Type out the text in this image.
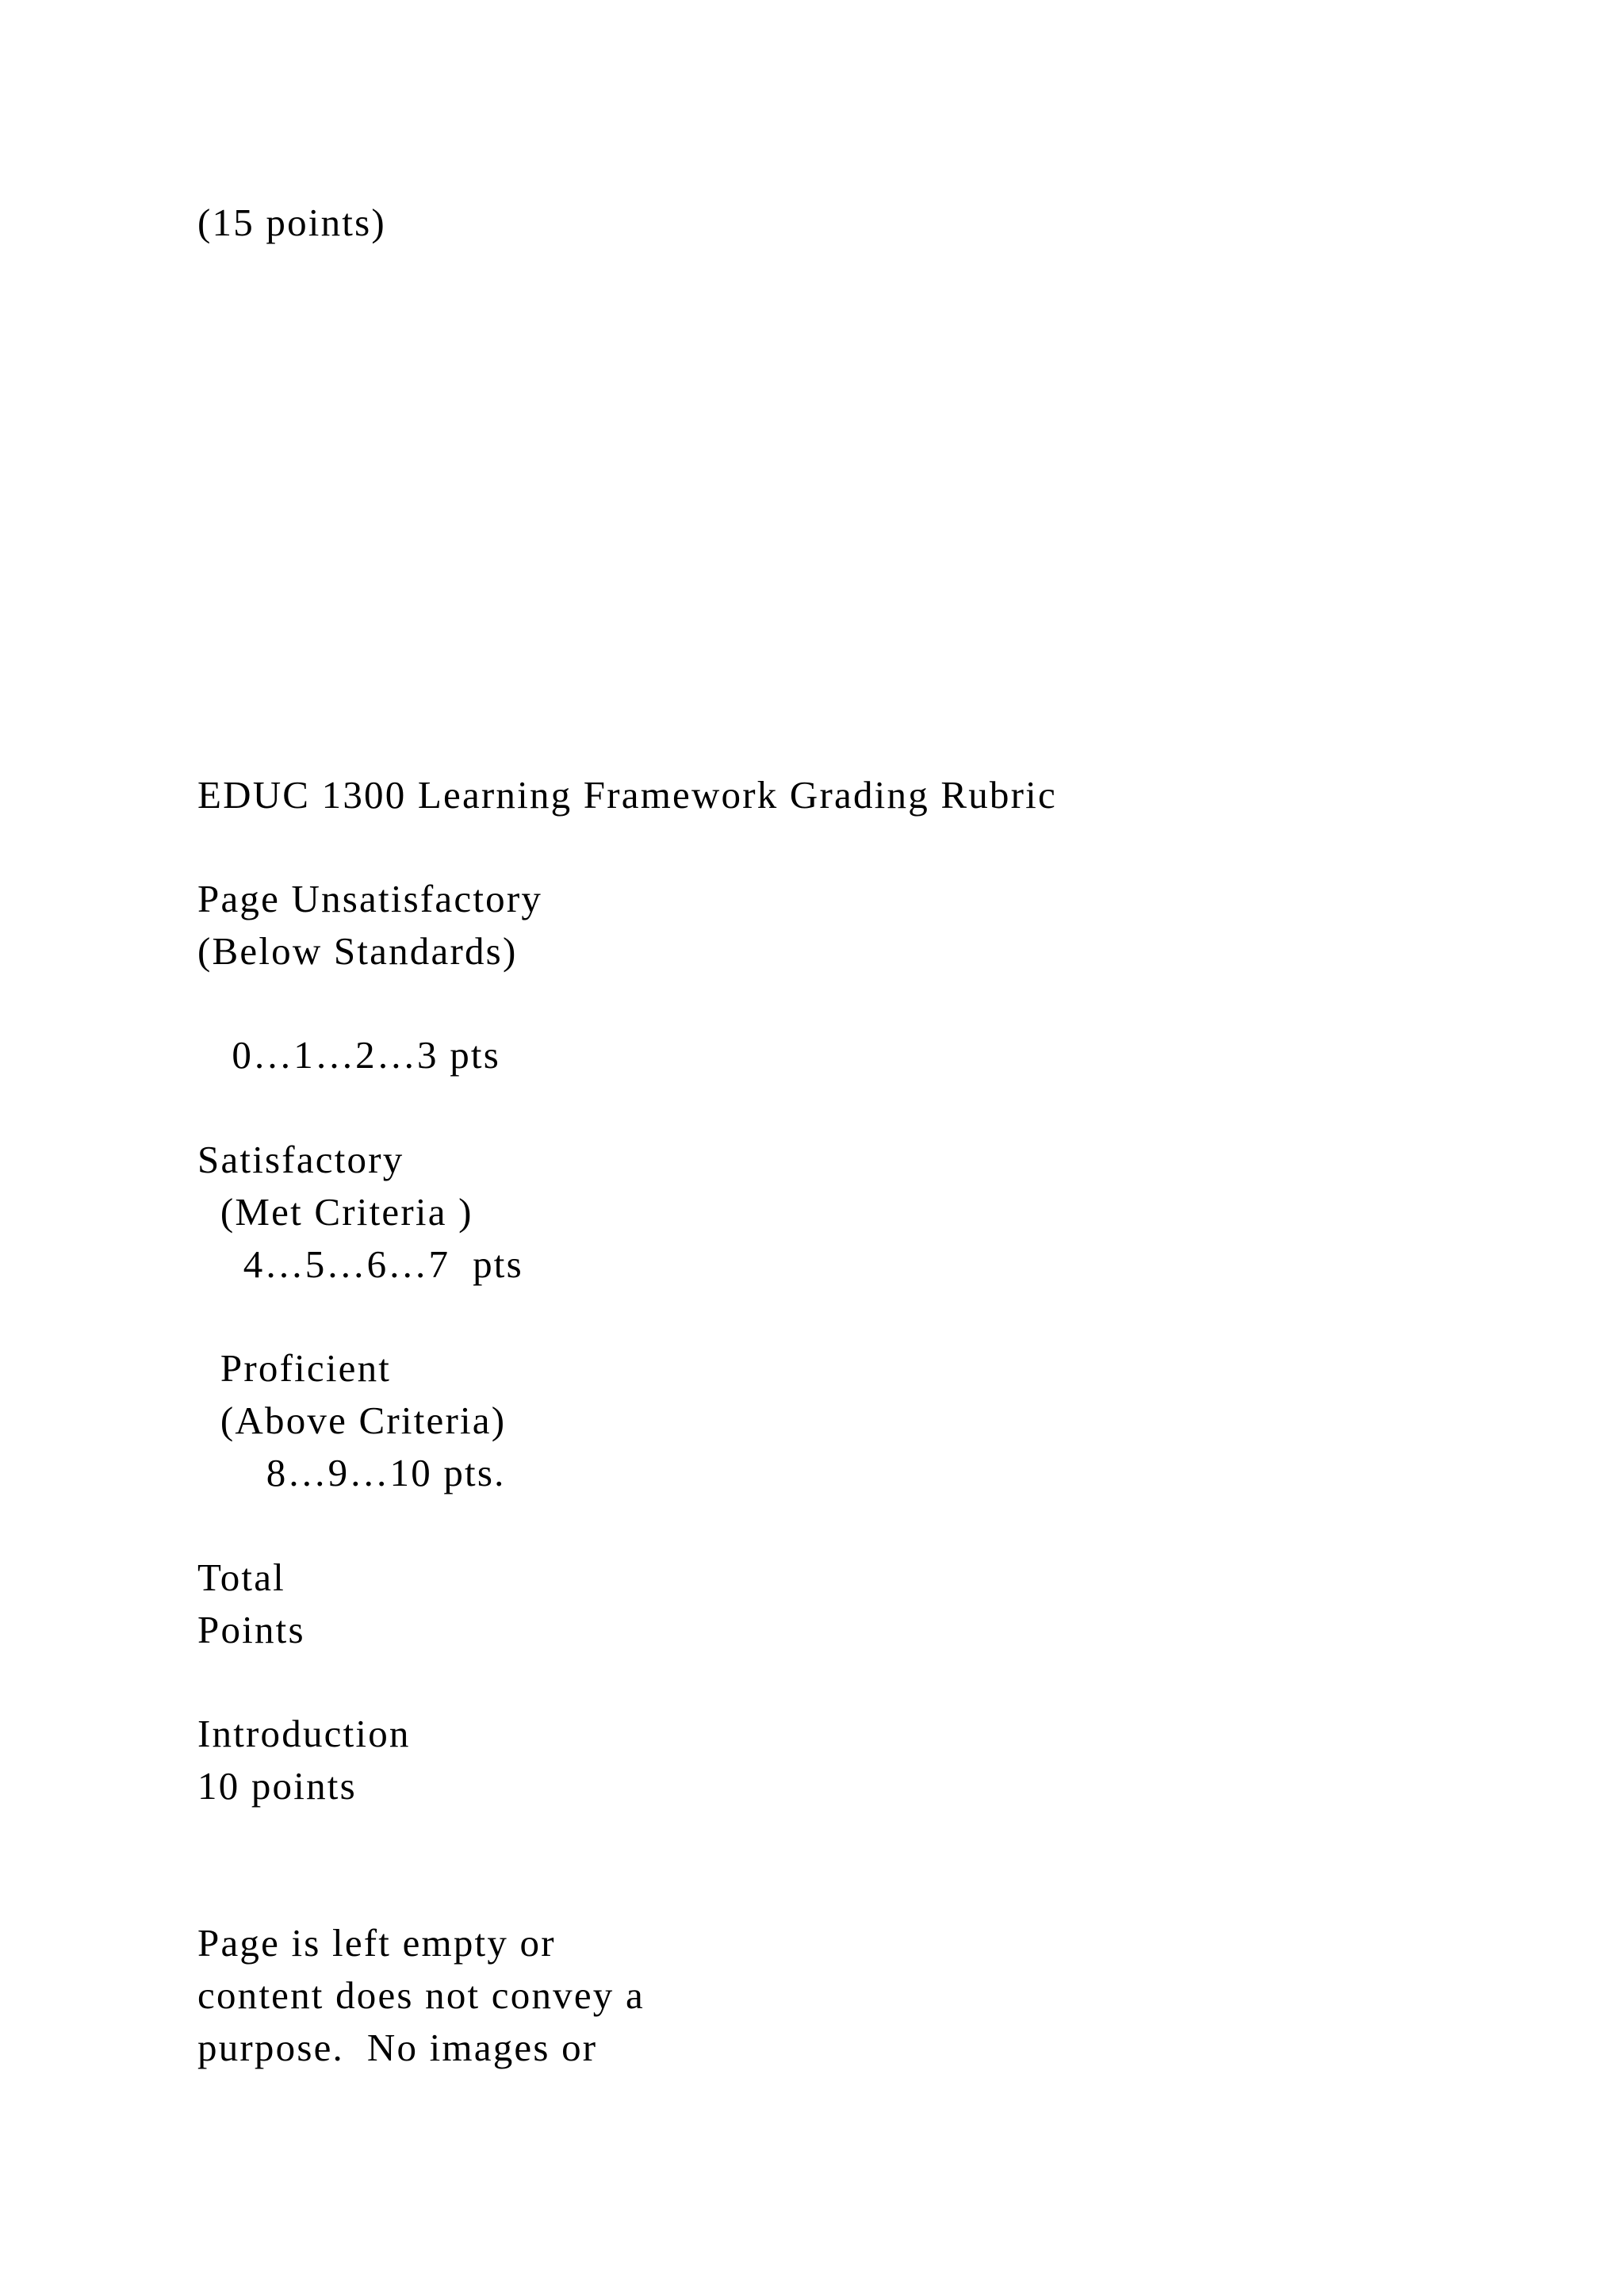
(15 points)

EDUC 1300 Learning Framework Grading Rubric

Page Unsatisfactory

(Below Standards)

0…1…2…3 pts

Satisfactory

(Met Criteria )

4…5…6…7  pts

Proficient

(Above Criteria)

8…9…10 pts.

Total

Points

Introduction

10 points

Page is left empty or

content does not convey a

purpose.  No images or
